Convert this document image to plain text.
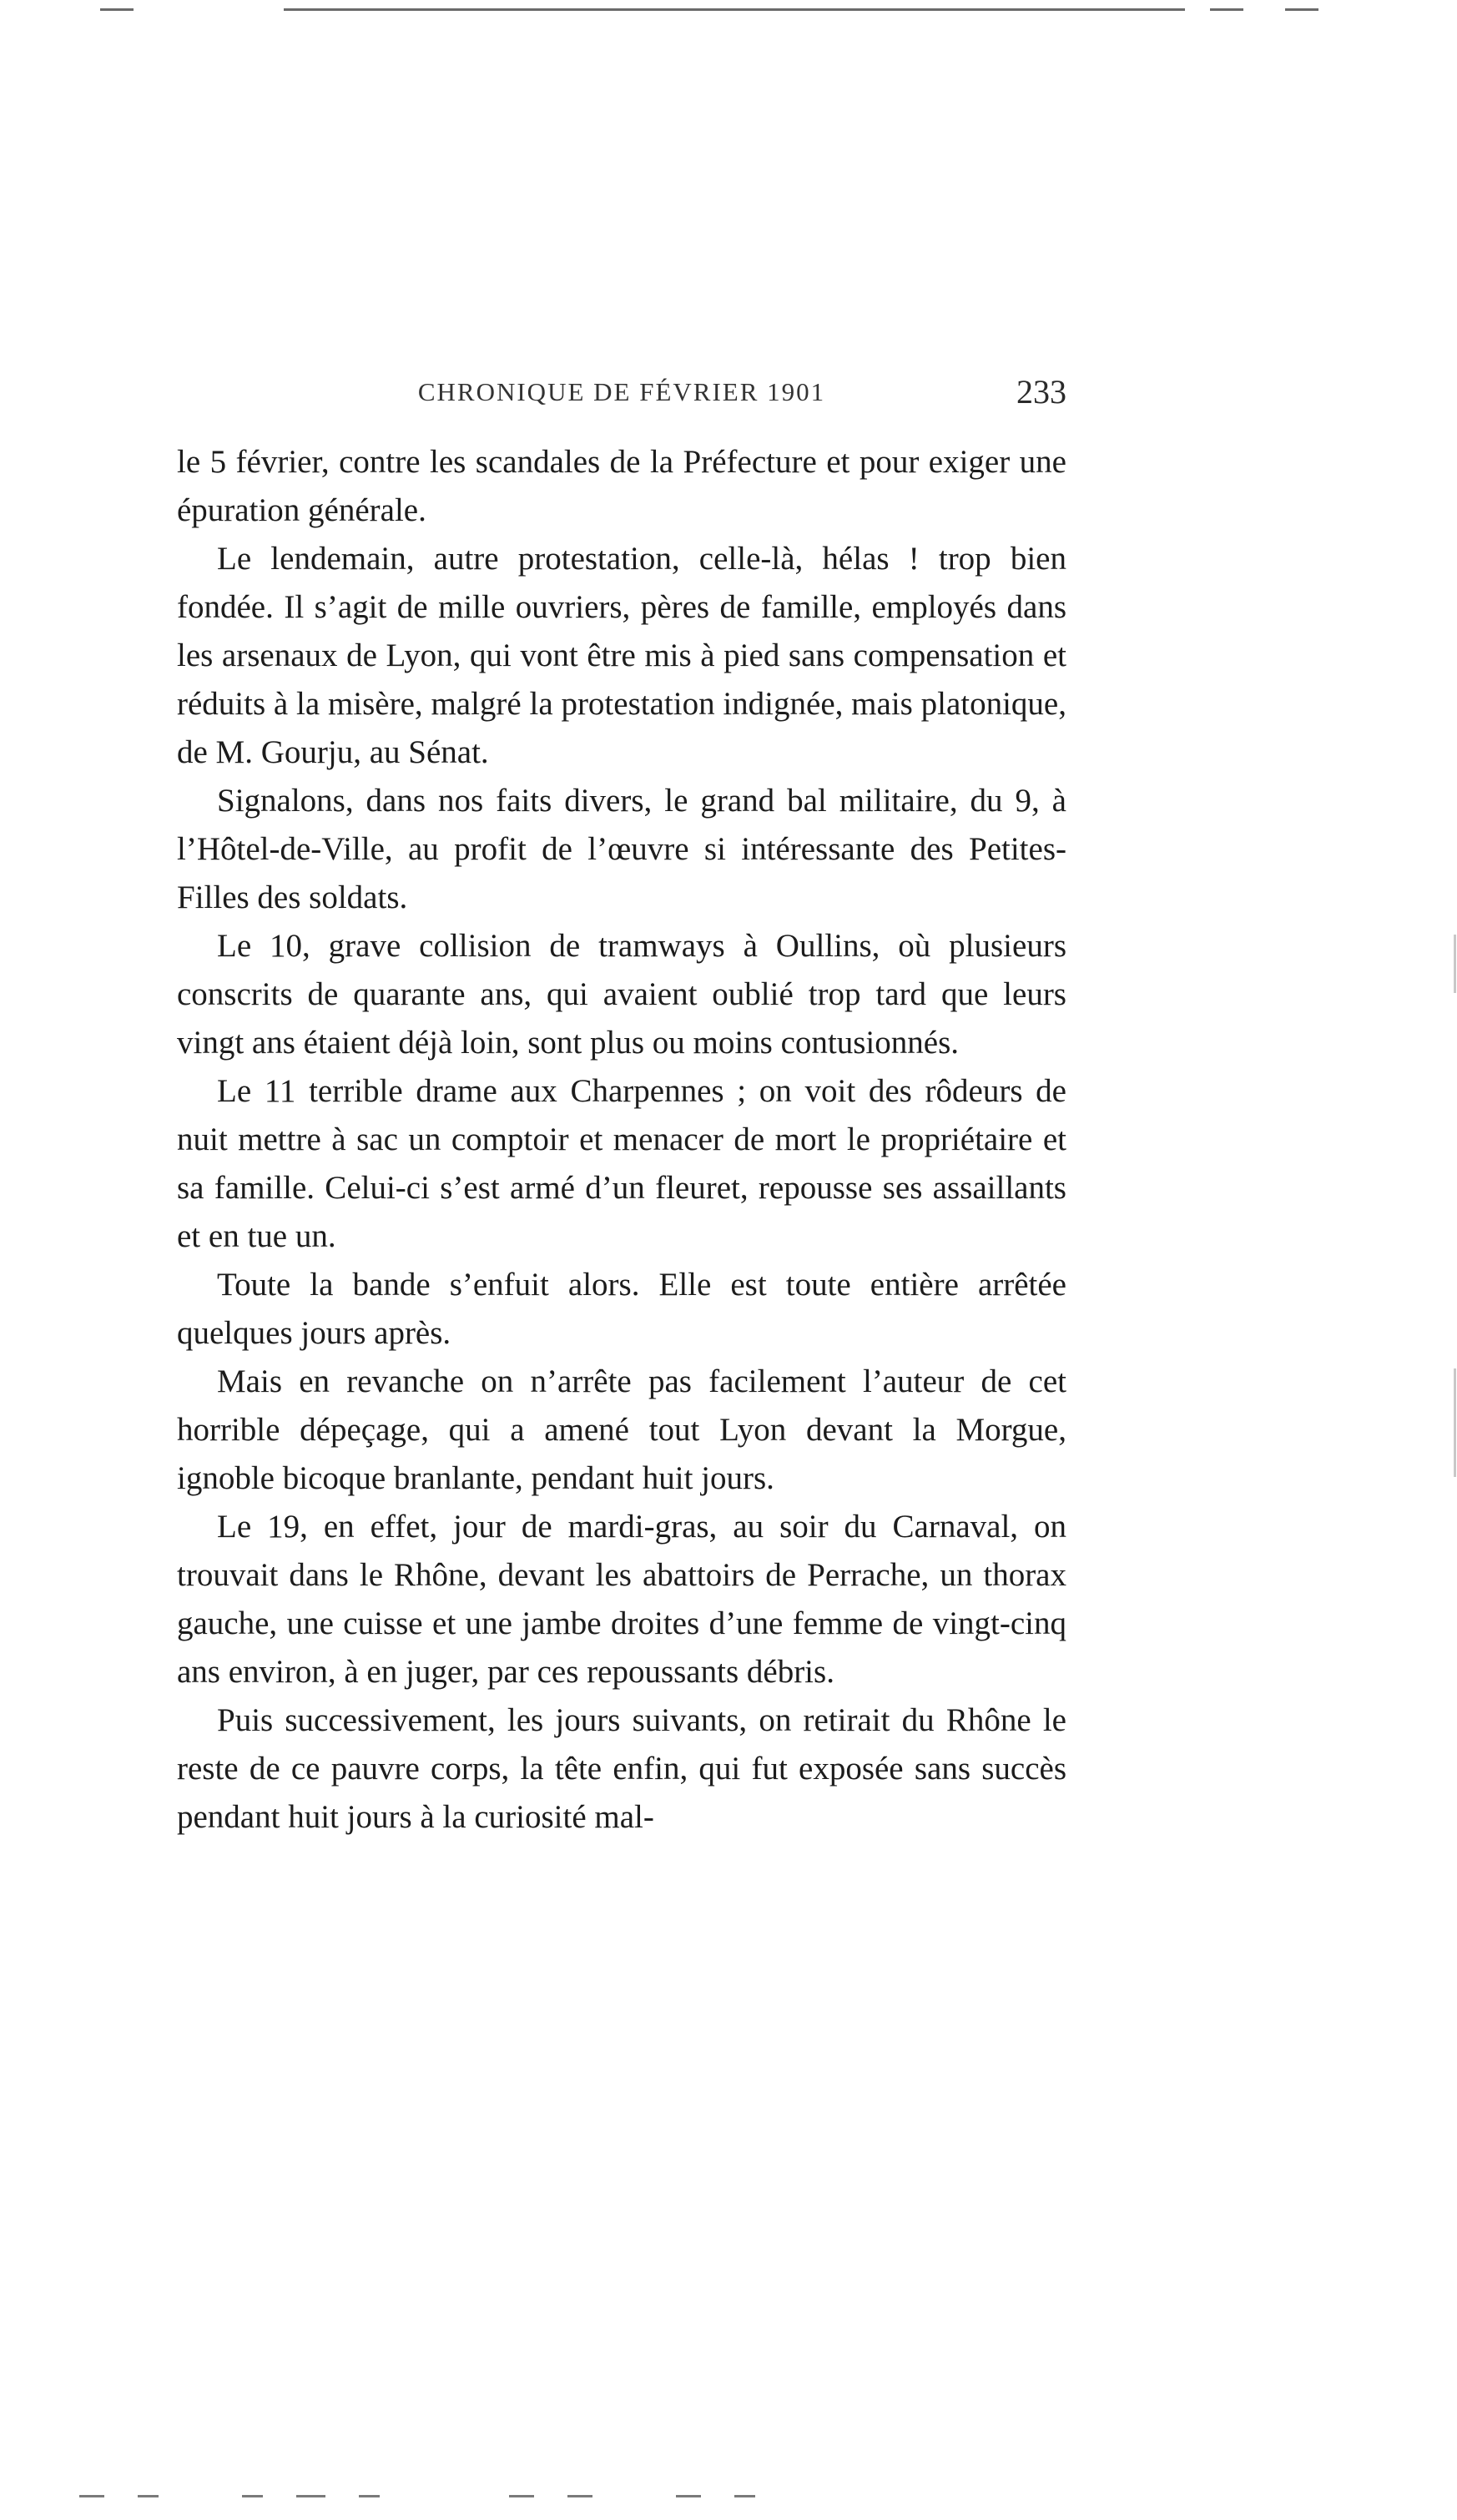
CHRONIQUE DE FÉVRIER 1901	233

le 5 février, contre les scandales de la Préfecture et pour exiger une épuration générale.

Le lendemain, autre protestation, celle-là, hélas ! trop bien fondée. Il s’agit de mille ouvriers, pères de famille, employés dans les arsenaux de Lyon, qui vont être mis à pied sans compensation et réduits à la misère, malgré la protestation indignée, mais platonique, de M. Gourju, au Sénat.

Signalons, dans nos faits divers, le grand bal militaire, du 9, à l’Hôtel-de-Ville, au profit de l’œuvre si intéressante des Petites-Filles des soldats.

Le 10, grave collision de tramways à Oullins, où plusieurs conscrits de quarante ans, qui avaient oublié trop tard que leurs vingt ans étaient déjà loin, sont plus ou moins contusionnés.

Le 11 terrible drame aux Charpennes ; on voit des rôdeurs de nuit mettre à sac un comptoir et menacer de mort le propriétaire et sa famille. Celui-ci s’est armé d’un fleuret, repousse ses assaillants et en tue un.

Toute la bande s’enfuit alors. Elle est toute entière arrêtée quelques jours après.

Mais en revanche on n’arrête pas facilement l’auteur de cet horrible dépeçage, qui a amené tout Lyon devant la Morgue, ignoble bicoque branlante, pendant huit jours.

Le 19, en effet, jour de mardi-gras, au soir du Carnaval, on trouvait dans le Rhône, devant les abattoirs de Perrache, un thorax gauche, une cuisse et une jambe droites d’une femme de vingt-cinq ans environ, à en juger, par ces repoussants débris.

Puis successivement, les jours suivants, on retirait du Rhône le reste de ce pauvre corps, la tête enfin, qui fut exposée sans succès pendant huit jours à la curiosité mal-
